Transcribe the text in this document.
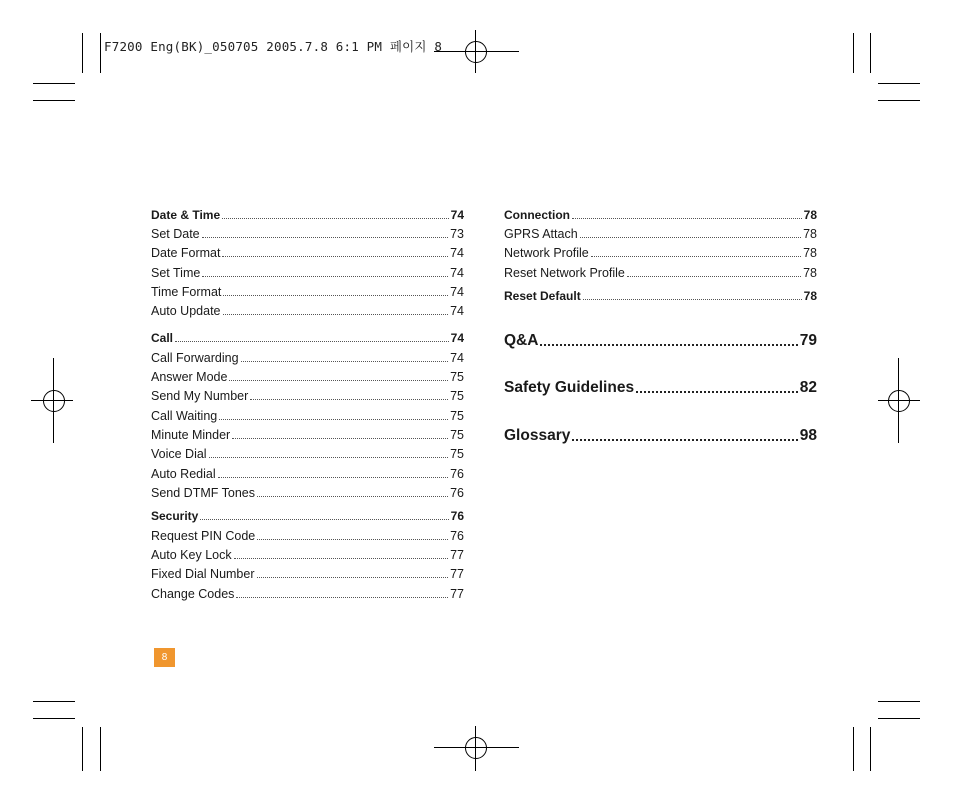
F7200 Eng(BK)_050705 2005.7.8 6:1 PM 페이지 8
Date & Time	74
Set Date	73
Date Format	74
Set Time	74
Time Format	74
Auto Update	74
Call	74
Call Forwarding	74
Answer Mode	75
Send My Number	75
Call Waiting	75
Minute Minder	75
Voice Dial	75
Auto Redial	76
Send DTMF Tones	76
Security	76
Request PIN Code	76
Auto Key Lock	77
Fixed Dial Number	77
Change Codes	77
Connection	78
GPRS Attach	78
Network Profile	78
Reset Network Profile	78
Reset Default	78
Q&A	79
Safety Guidelines	82
Glossary	98
8
